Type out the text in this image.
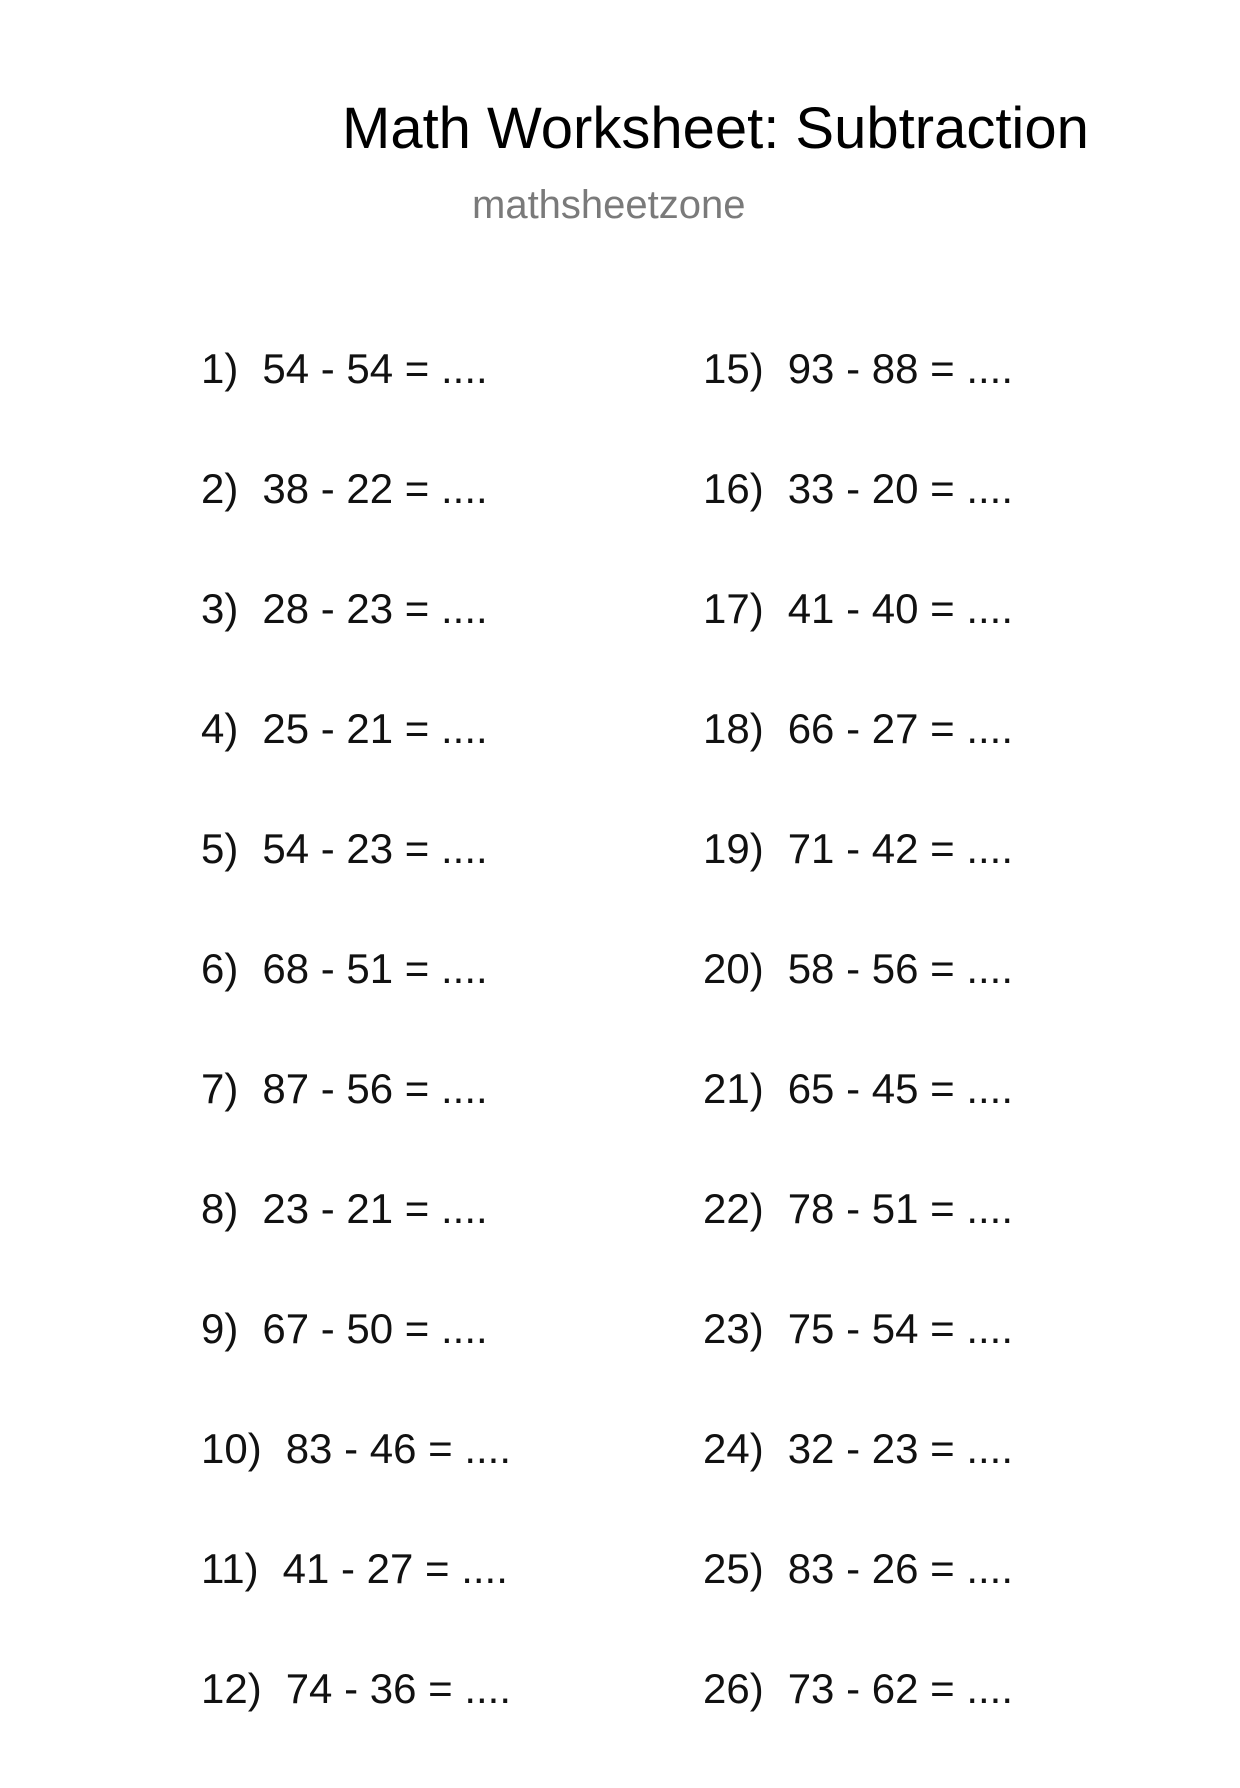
Math Worksheet: Subtraction
mathsheetzone
1) 54 - 54 = ....
2) 38 - 22 = ....
3) 28 - 23 = ....
4) 25 - 21 = ....
5) 54 - 23 = ....
6) 68 - 51 = ....
7) 87 - 56 = ....
8) 23 - 21 = ....
9) 67 - 50 = ....
10) 83 - 46 = ....
11) 41 - 27 = ....
12) 74 - 36 = ....
15) 93 - 88 = ....
16) 33 - 20 = ....
17) 41 - 40 = ....
18) 66 - 27 = ....
19) 71 - 42 = ....
20) 58 - 56 = ....
21) 65 - 45 = ....
22) 78 - 51 = ....
23) 75 - 54 = ....
24) 32 - 23 = ....
25) 83 - 26 = ....
26) 73 - 62 = ....
